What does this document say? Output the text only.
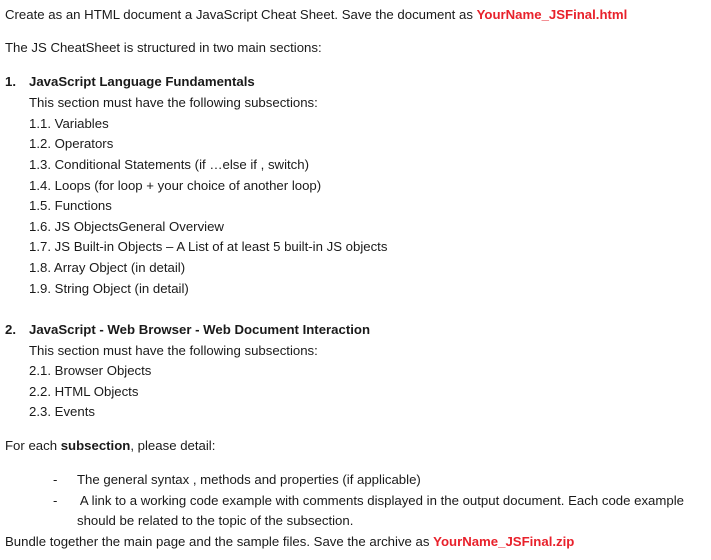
Create as an HTML document a JavaScript Cheat Sheet. Save the document as YourName_JSFinal.html
The JS CheatSheet is structured in two main sections:
1. JavaScript Language Fundamentals
This section must have the following subsections:
1.1. Variables
1.2. Operators
1.3. Conditional Statements (if …else if , switch)
1.4. Loops (for loop + your choice of another loop)
1.5. Functions
1.6. JS ObjectsGeneral Overview
1.7. JS Built-in Objects – A List of at least 5 built-in JS objects
1.8. Array Object (in detail)
1.9. String Object (in detail)
2. JavaScript - Web Browser - Web Document Interaction
This section must have the following subsections:
2.1. Browser Objects
2.2. HTML Objects
2.3. Events
For each subsection, please detail:
- The general syntax , methods and properties (if applicable)
- A link to a working code example with comments displayed in the output document. Each code example
should be related to the topic of the subsection.
Bundle together the main page and the sample files. Save the archive as YourName_JSFinal.zip
